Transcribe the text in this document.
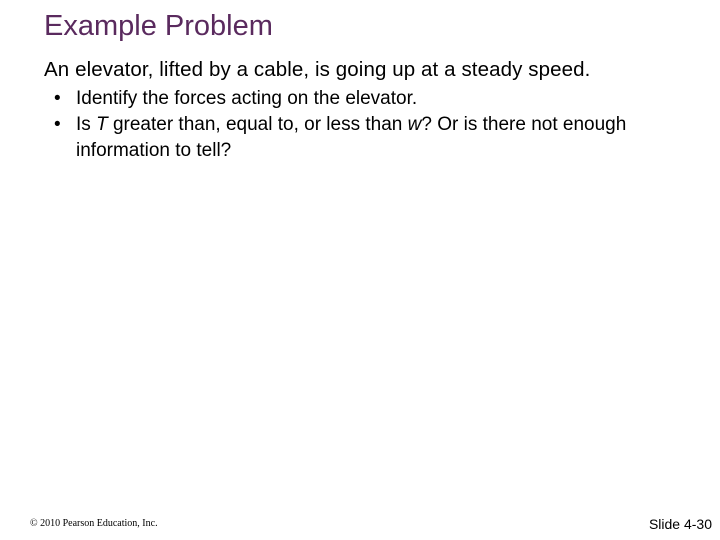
Example Problem
An elevator, lifted by a cable, is going up at a steady speed.
• Identify the forces acting on the elevator.
• Is T greater than, equal to, or less than w? Or is there not enough information to tell?
© 2010 Pearson Education, Inc.	Slide 4-30
